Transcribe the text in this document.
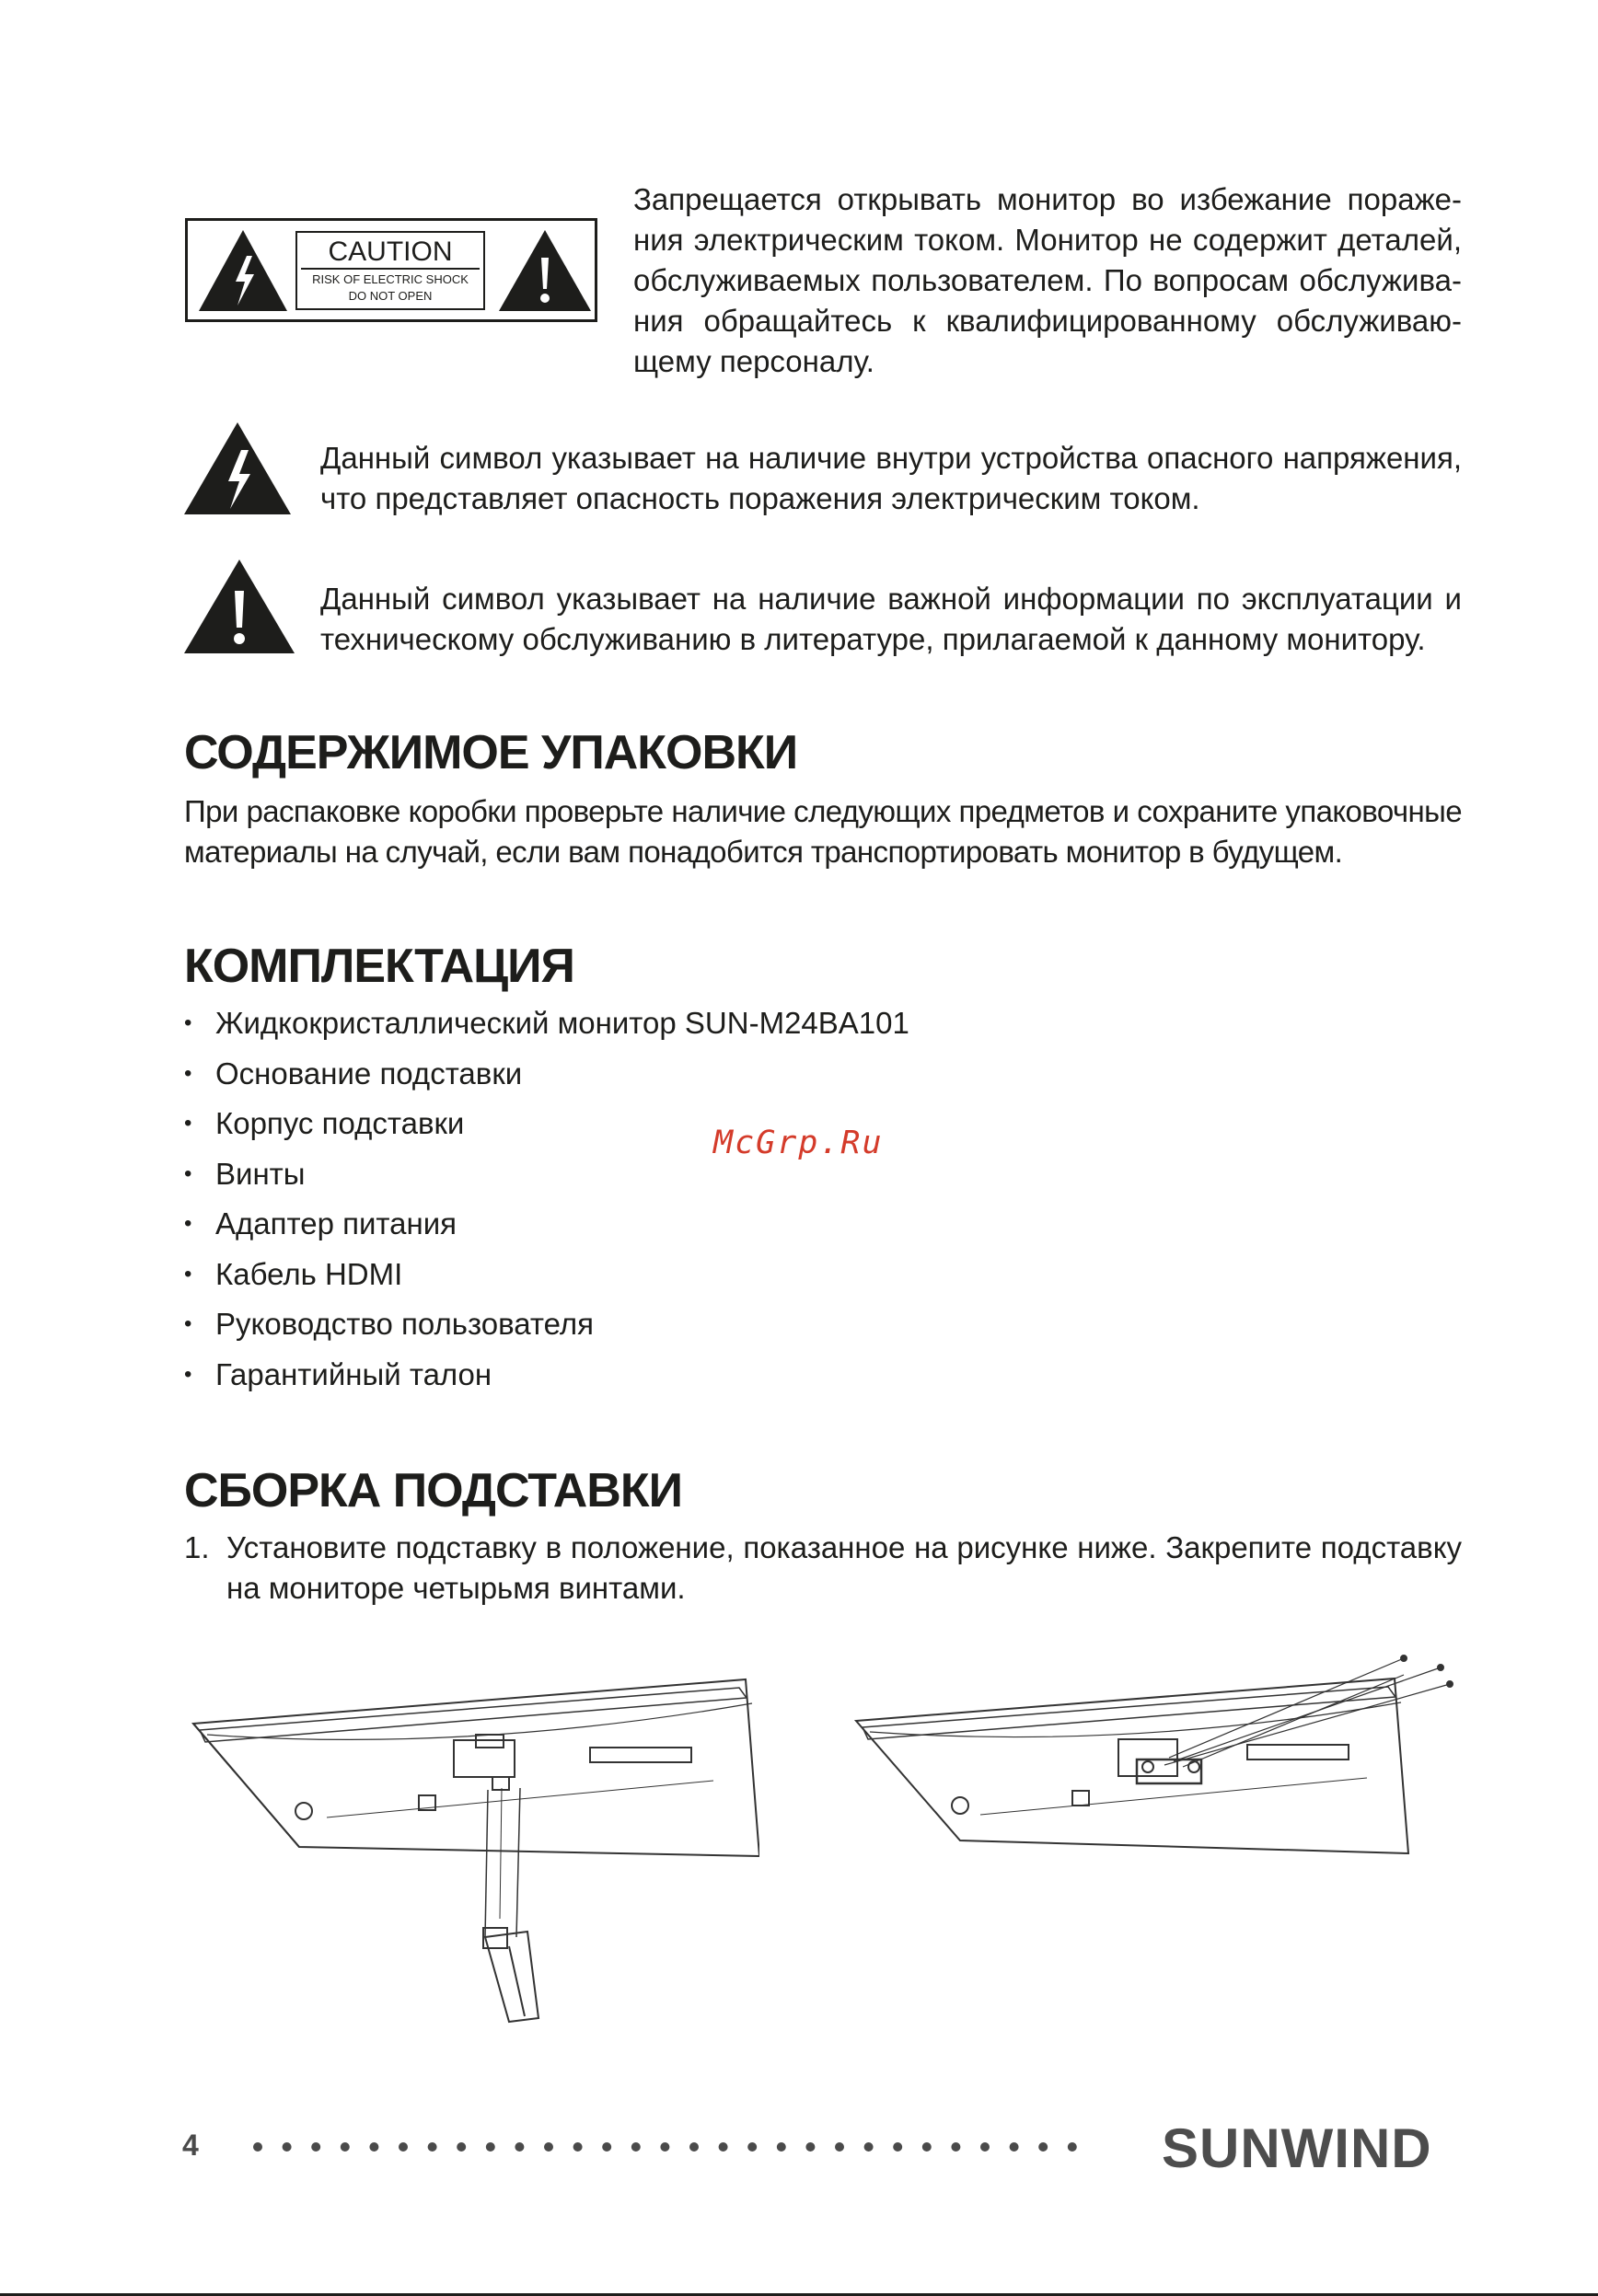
CAUTION
RISK OF ELECTRIC SHOCK
DO NOT OPEN

Запрещается открывать монитор во избежание поражения электрическим током. Монитор не содержит деталей, обслуживаемых пользователем. По вопросам обслуживания обращайтесь к квалифицированному обслуживающему персоналу.

Данный символ указывает на наличие внутри устройства опасного напряжения, что представляет опасность поражения электрическим током.

Данный символ указывает на наличие важной информации по эксплуатации и техническому обслуживанию в литературе, прилагаемой к данному монитору.

СОДЕРЖИМОЕ УПАКОВКИ

При распаковке коробки проверьте наличие следующих предметов и сохраните упаковочные материалы на случай, если вам понадобится транспортировать монитор в будущем.

КОМПЛЕКТАЦИЯ
• Жидкокристаллический монитор SUN-M24BA101
• Основание подставки
• Корпус подставки
• Винты
• Адаптер питания
• Кабель HDMI
• Руководство пользователя
• Гарантийный талон
McGrp.Ru
СБОРКА ПОДСТАВКИ
1. Установите подставку в положение, показанное на рисунке ниже. Закрепите подставку на мониторе четырьмя винтами.

4	SUNWIND
